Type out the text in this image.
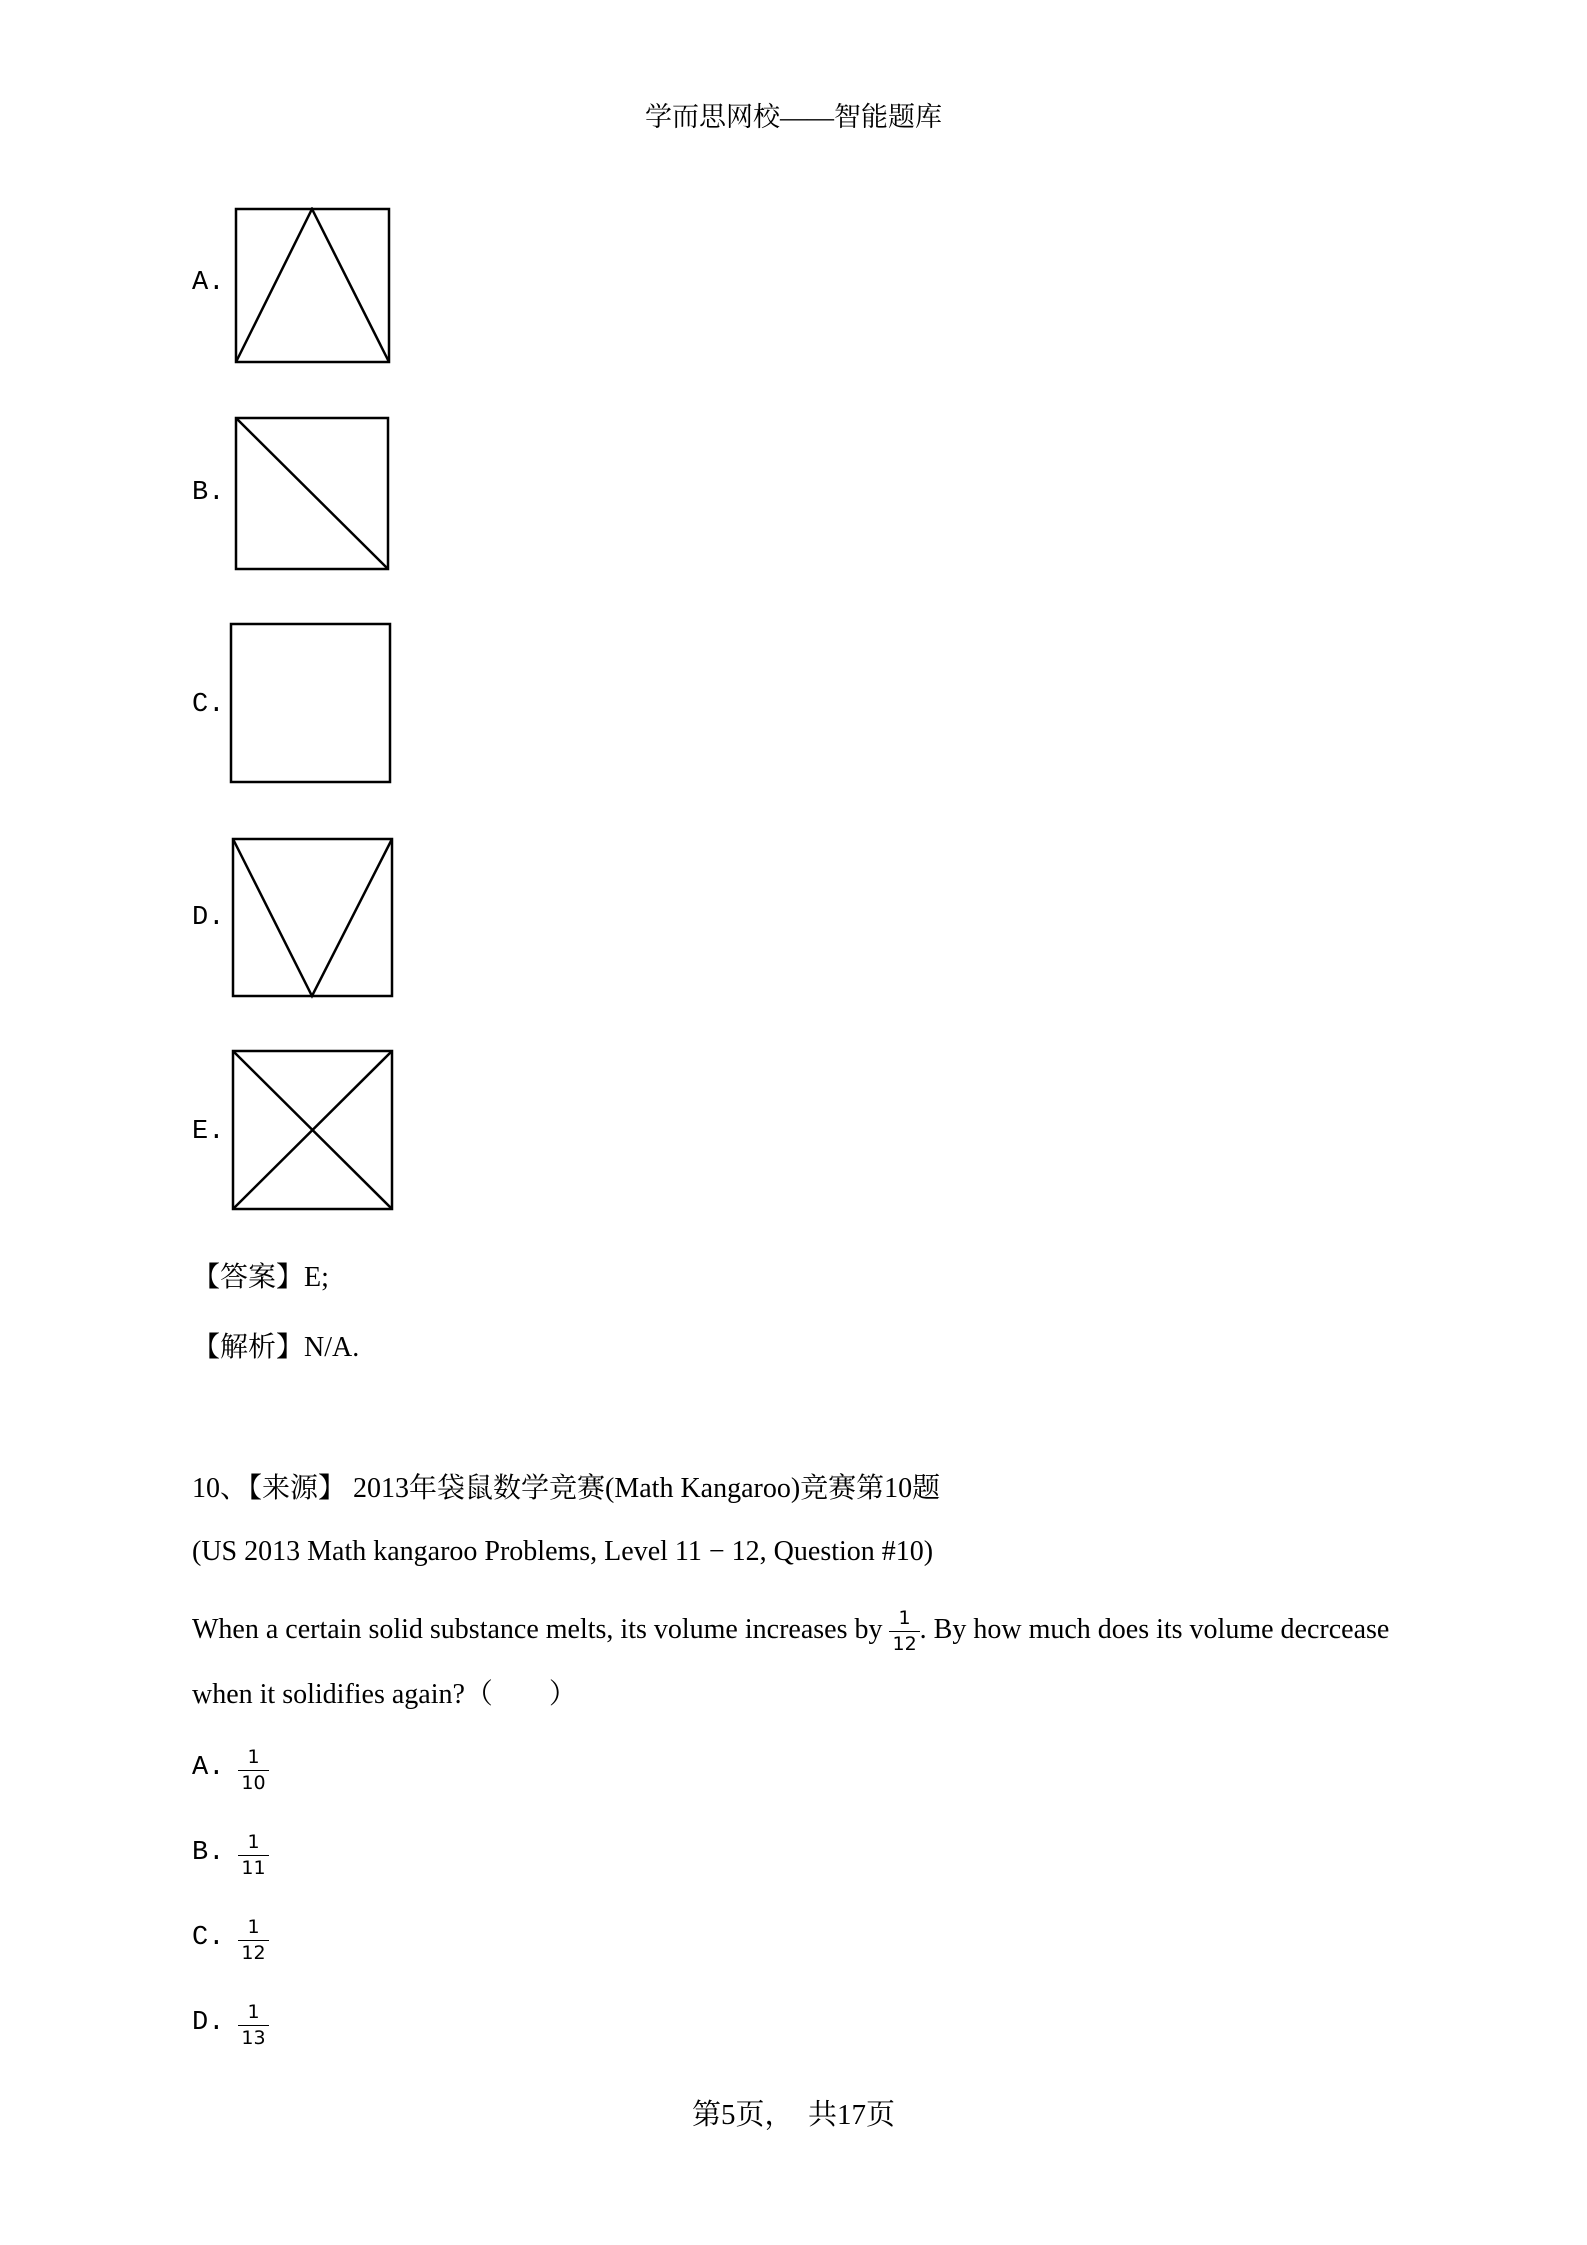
学而思网校——智能题库
A.
B.
C.
D.
E.
【答案】E;
【解析】N/A.
10、【来源】 2013年袋鼠数学竞赛(Math Kangaroo)竞赛第10题
(US 2013 Math kangaroo Problems, Level 11 − 12, Question #10)
When a certain solid substance melts, its volume increases by $\frac{1}{12}$ . By how much does its volume decrcease
when it solidifies again?（　　）
A. $\frac{1}{10}$
B. $\frac{1}{11}$
C. $\frac{1}{12}$
D. $\frac{1}{13}$
第5页，　共17页
